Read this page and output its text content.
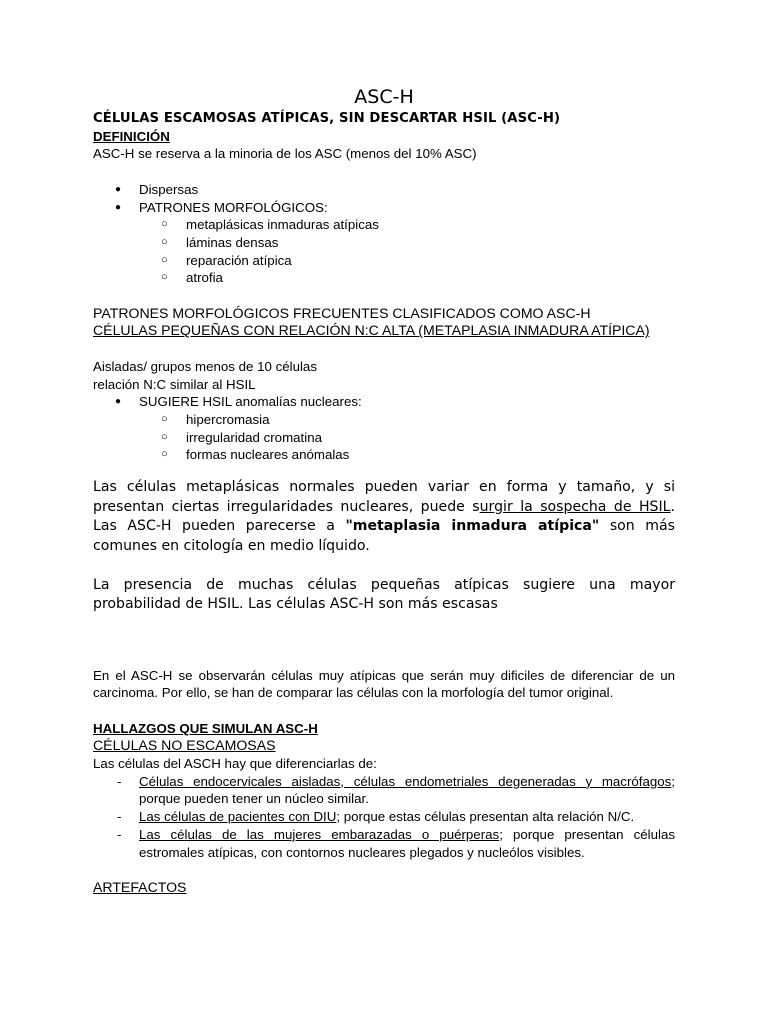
ASC-H

CÉLULAS ESCAMOSAS ATÍPICAS, SIN DESCARTAR HSIL (ASC-H)

DEFINICIÓN

ASC-H se reserva a la minoria de los ASC (menos del 10% ASC)

● Dispersas
● PATRONES MORFOLÓGICOS:
○ metaplásicas inmaduras atípicas
○ láminas densas
○ reparación atípica
○ atrofia

PATRONES MORFOLÓGICOS FRECUENTES CLASIFICADOS COMO ASC-H

CÉLULAS PEQUEÑAS CON RELACIÓN N:C ALTA (METAPLASIA INMADURA ATÍPICA)

Aisladas/ grupos menos de 10 células

relación N:C similar al HSIL

● SUGIERE HSIL anomalías nucleares:
○ hipercromasia
○ irregularidad cromatina
○ formas nucleares anómalas

Las células metaplásicas normales pueden variar en forma y tamaño, y si presentan ciertas irregularidades nucleares, puede surgir la sospecha de HSIL. Las ASC-H pueden parecerse a "metaplasia inmadura atípica" son más comunes en citología en medio líquido.

La presencia de muchas células pequeñas atípicas sugiere una mayor probabilidad de HSIL. Las células ASC-H son más escasas

En el ASC-H se observarán células muy atípicas que serán muy dificiles de diferenciar de un carcinoma. Por ello, se han de comparar las células con la morfología del tumor original.

HALLAZGOS QUE SIMULAN ASC-H

CÉLULAS NO ESCAMOSAS

Las células del ASCH hay que diferenciarlas de:

- Células endocervicales aisladas, células endometriales degeneradas y macrófagos; porque pueden tener un núcleo similar.
- Las células de pacientes con DIU; porque estas células presentan alta relación N/C.
- Las células de las mujeres embarazadas o puérperas; porque presentan células estromales atípicas, con contornos nucleares plegados y nucleólos visibles.

ARTEFACTOS
